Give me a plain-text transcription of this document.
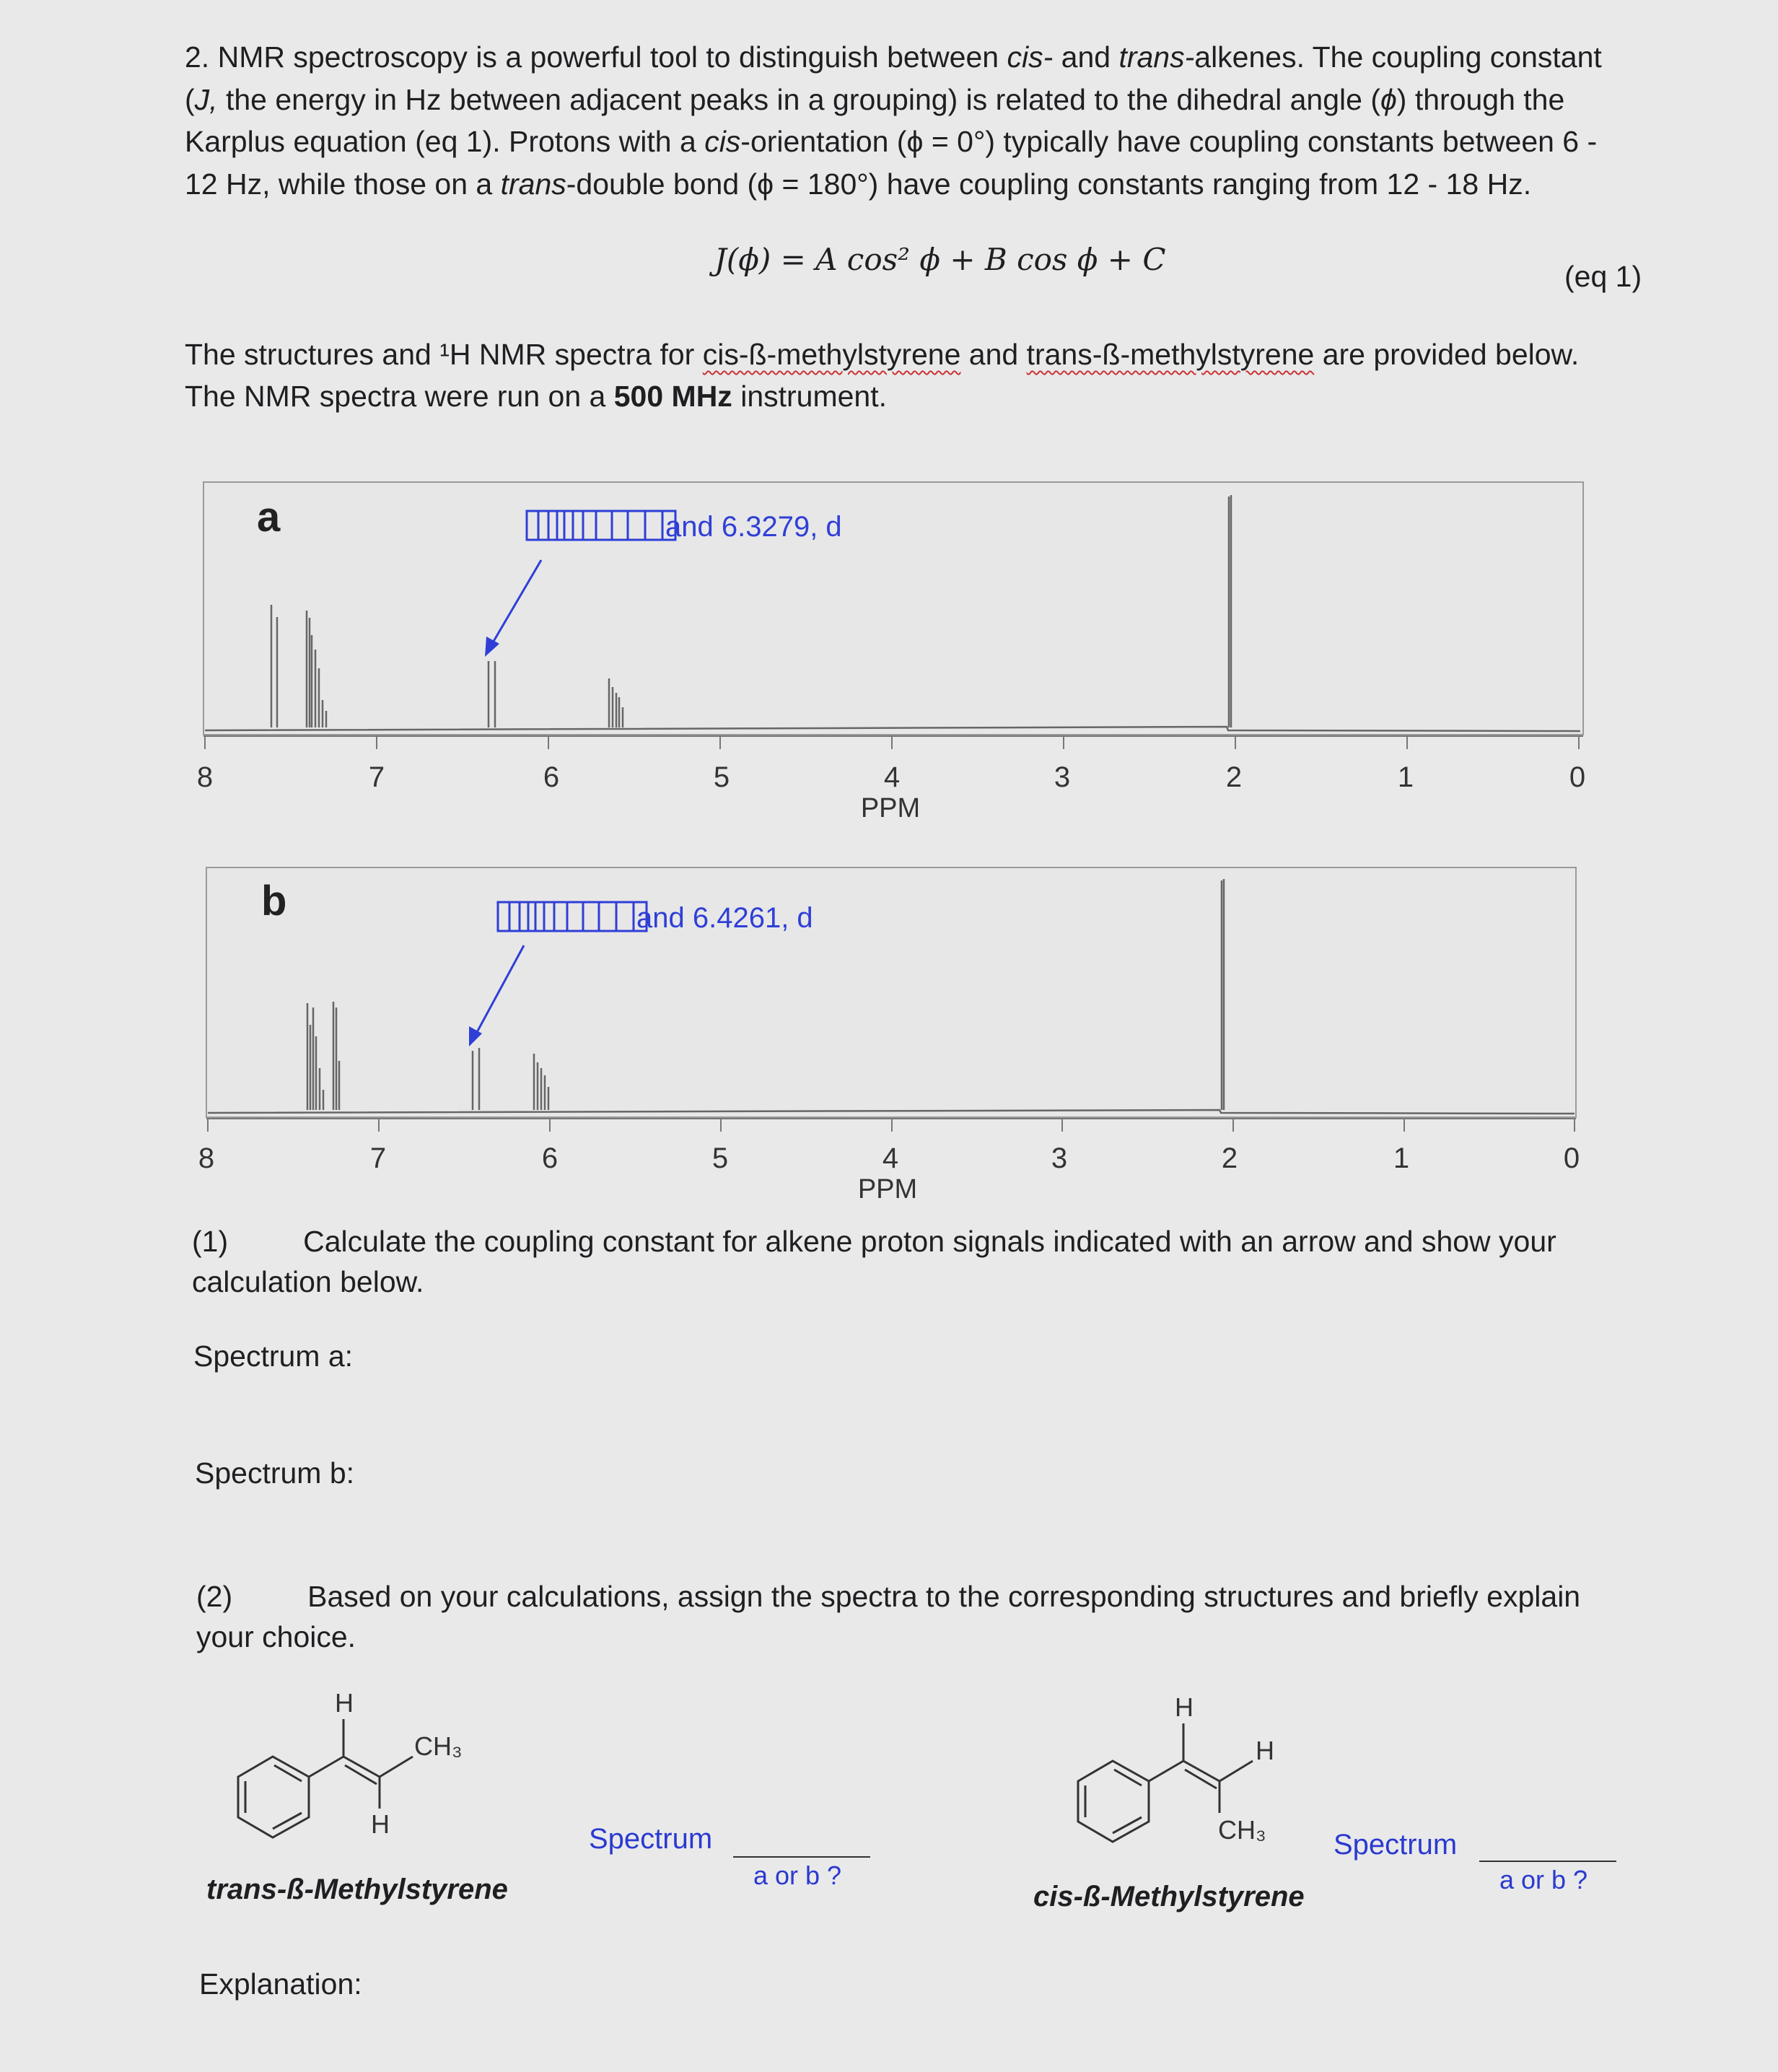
2. NMR spectroscopy is a powerful tool to distinguish between cis- and trans-alkenes. The coupling constant (J, the energy in Hz between adjacent peaks in a grouping) is related to the dihedral angle (ϕ) through the Karplus equation (eq 1). Protons with a cis-orientation (ϕ = 0°) typically have coupling constants between 6 - 12 Hz, while those on a trans-double bond (ϕ = 180°) have coupling constants ranging from 12 - 18 Hz.
J(ϕ) = A cos² ϕ + B cos ϕ + C	(eq 1)
The structures and ¹H NMR spectra for cis-ß-methylstyrene and trans-ß-methylstyrene are provided below. The NMR spectra were run on a 500 MHz instrument.
a	and 6.3279, d
8	7	6	5	4	3	2	1	0
PPM
b	and 6.4261, d
8	7	6	5	4	3	2	1	0
PPM
(1)	Calculate the coupling constant for alkene proton signals indicated with an arrow and show your calculation below.
Spectrum a:
Spectrum b:
(2)	Based on your calculations, assign the spectra to the corresponding structures and briefly explain your choice.
H
H
CH₃
trans-ß-Methylstyrene
Spectrum
a or b ?
H
H
CH₃
cis-ß-Methylstyrene
Spectrum
a or b ?
Explanation:
